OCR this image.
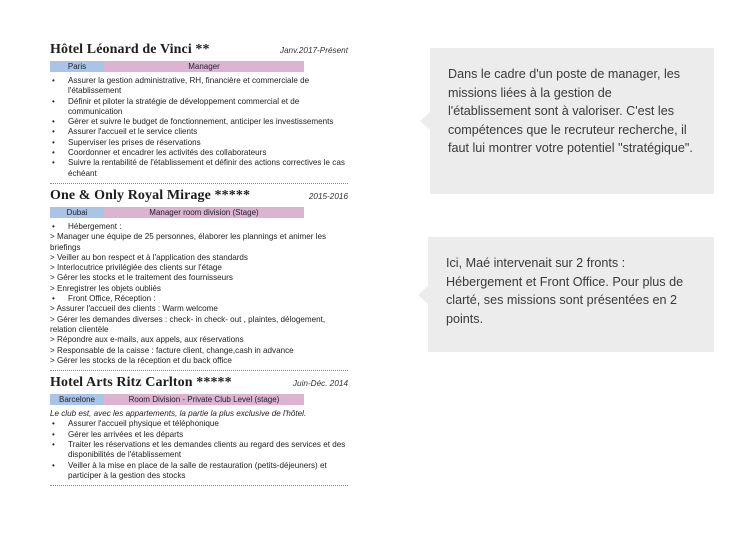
Hôtel Léonard de Vinci **	Janv.2017-Présent
Paris	Manager
• Assurer la gestion administrative, RH, financière et commerciale de l'établissement
• Définir et piloter la stratégie de développement commercial et de communication
• Gérer et suivre le budget de fonctionnement, anticiper les investissements
• Assurer l'accueil et le service clients
• Superviser les prises de réservations
• Coordonner et encadrer les activités des collaborateurs
• Suivre la rentabilité de l'établissement et définir des actions correctives le cas échéant
One & Only Royal Mirage *****	2015-2016
Dubai	Manager room division (Stage)
• Hébergement :
> Manager une équipe de 25 personnes, élaborer les plannings et animer les briefings
> Veiller au bon respect et à l'application des standards
> Interlocutrice privilégiée des clients sur l'étage
> Gérer les stocks et le traitement des fournisseurs
> Enregistrer les objets oubliés
• Front Office, Réception :
> Assurer l'accueil des clients : Warm welcome
> Gérer les demandes diverses : check- in check- out , plaintes, délogement, relation clientèle
> Répondre aux e-mails, aux appels, aux réservations
> Responsable de la caisse : facture client, change,cash in advance
> Gérer les stocks de la réception et du back office
Hotel Arts Ritz Carlton *****	Juin-Déc. 2014
Barcelone	Room Division - Private Club Level (stage)
Le club est, avec les appartements, la partie la plus exclusive de l'hôtel.
• Assurer l'accueil physique et téléphonique
• Gérer les arrivées et les départs
• Traiter les réservations et les demandes clients au regard des services et des disponibilités de l'établissement
• Veiller à la mise en place de la salle de restauration (petits-déjeuners) et participer à la gestion des stocks
Dans le cadre d'un poste de manager, les missions liées à la gestion de l'établissement sont à valoriser. C'est les compétences que le recruteur recherche, il faut lui montrer votre potentiel "stratégique".
Ici, Maé intervenait sur 2 fronts : Hébergement et Front Office. Pour plus de clarté, ses missions sont présentées en 2 points.
